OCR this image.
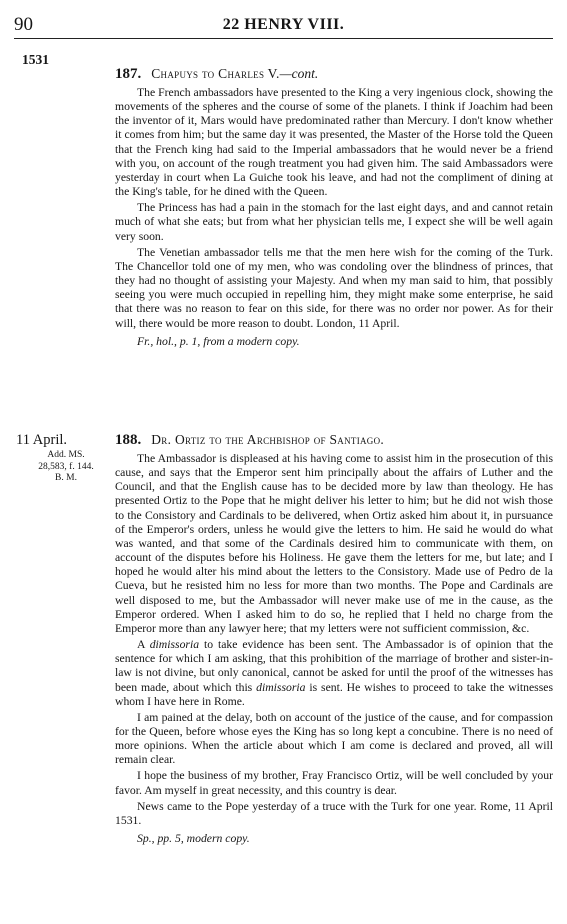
90	22 HENRY VIII.
1531
187. Chapuys to Charles V.—cont.

The French ambassadors have presented to the King a very ingenious clock, showing the movements of the spheres and the course of some of the planets. I think if Joachim had been the inventor of it, Mars would have predominated rather than Mercury. I don't know whether it comes from him; but the same day it was presented, the Master of the Horse told the Queen that the French king had said to the Imperial ambassadors that he would never be a friend with you, on account of the rough treatment you had given him. The said Ambassadors were yesterday in court when La Guiche took his leave, and had not the compliment of dining at the King's table, for he dined with the Queen.

The Princess has had a pain in the stomach for the last eight days, and and cannot retain much of what she eats; but from what her physician tells me, I expect she will be well again very soon.

The Venetian ambassador tells me that the men here wish for the coming of the Turk. The Chancellor told one of my men, who was condoling over the blindness of princes, that they had no thought of assisting your Majesty. And when my man said to him, that possibly seeing you were much occupied in repelling him, they might make some enterprise, he said that there was no reason to fear on this side, for there was no order nor power. As for their will, there would be more reason to doubt. London, 11 April.

Fr., hol., p. 1, from a modern copy.

11 April.
Add. MS.
28,583, f. 144.
B. M.
188. Dr. Ortiz to the Archbishop of Santiago.

The Ambassador is displeased at his having come to assist him in the prosecution of this cause, and says that the Emperor sent him principally about the affairs of Luther and the Council, and that the English cause has to be decided more by law than theology. He has presented Ortiz to the Pope that he might deliver his letter to him; but he did not wish those to the Consistory and Cardinals to be delivered, when Ortiz asked him about it, in pursuance of the Emperor's orders, unless he would give the letters to him. He said he would do what was wanted, and that some of the Cardinals desired him to communicate with them, on account of the disputes before his Holiness. He gave them the letters for me, but late; and I hoped he would alter his mind about the letters to the Consistory. Made use of Pedro de la Cueva, but he resisted him no less for more than two months. The Pope and Cardinals are well disposed to me, but the Ambassador will never make use of me in the cause, as the Emperor ordered. When I asked him to do so, he replied that I held no charge from the Emperor more than any lawyer here; that my letters were not sufficient commission, &c.

A dimissoria to take evidence has been sent. The Ambassador is of opinion that the sentence for which I am asking, that this prohibition of the marriage of brother and sister-in-law is not divine, but only canonical, cannot be asked for until the proof of the witnesses has been made, about which this dimissoria is sent. He wishes to proceed to take the witnesses whom I have here in Rome.

I am pained at the delay, both on account of the justice of the cause, and for compassion for the Queen, before whose eyes the King has so long kept a concubine. There is no need of more opinions. When the article about which I am come is declared and proved, all will remain clear.

I hope the business of my brother, Fray Francisco Ortiz, will be well concluded by your favor. Am myself in great necessity, and this country is dear.

News came to the Pope yesterday of a truce with the Turk for one year. Rome, 11 April 1531.

Sp., pp. 5, modern copy.
